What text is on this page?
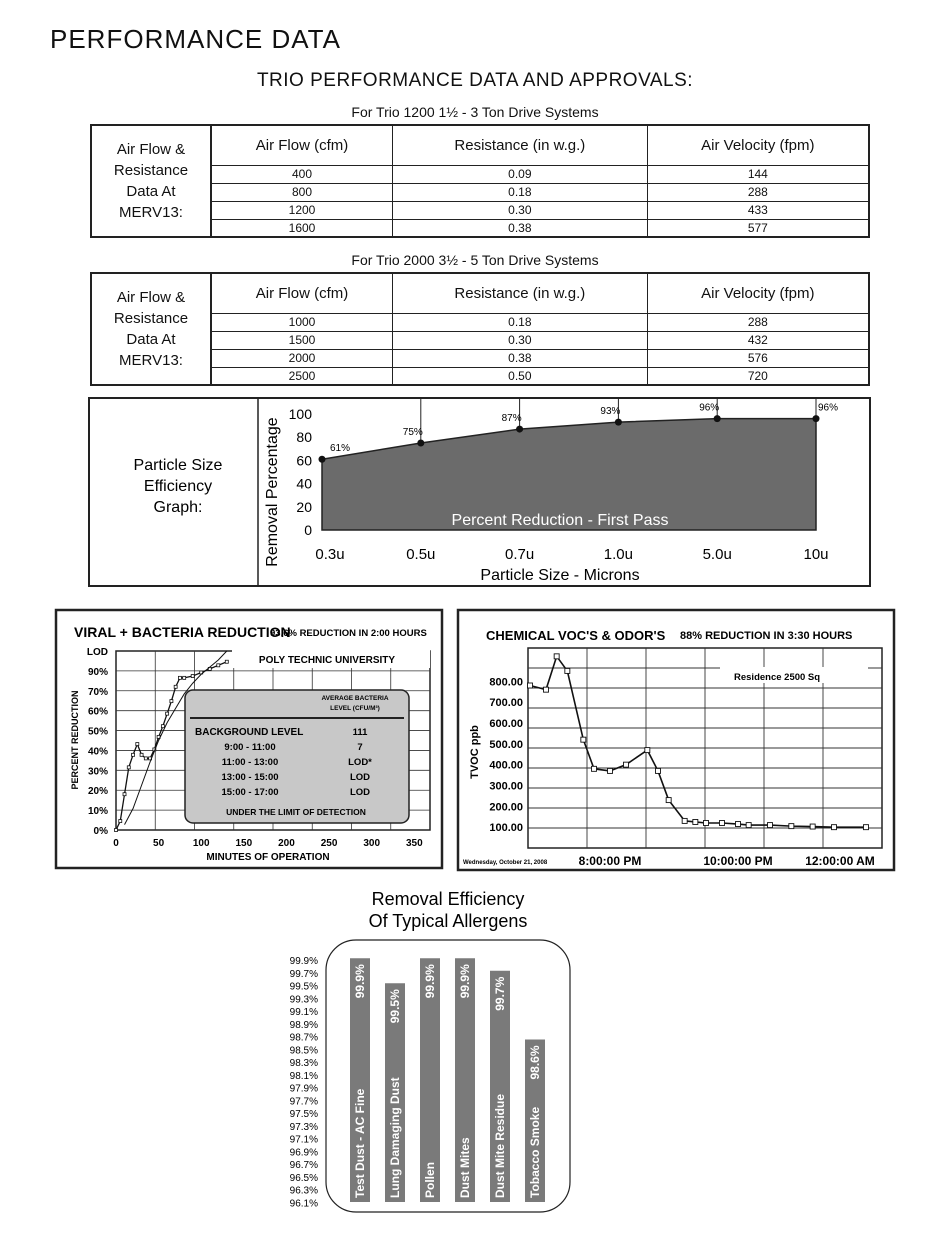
PERFORMANCE DATA
TRIO PERFORMANCE DATA AND APPROVALS:
For Trio 1200 1½ - 3 Ton Drive Systems
Air Flow &
Resistance
Data At
MERV13:	Air Flow (cfm)	Resistance (in w.g.)	Air Velocity (fpm)
	400	0.09	144
	800	0.18	288
	1200	0.30	433
	1600	0.38	577
For Trio 2000 3½ - 5 Ton Drive Systems
Air Flow &
Resistance
Data At
MERV13:	Air Flow (cfm)	Resistance (in w.g.)	Air Velocity (fpm)
	1000	0.18	288
	1500	0.30	432
	2000	0.38	576
	2500	0.50	720
Particle Size
Efficiency
Graph:	Removal Percentage
100
80
60
40
20
0
61%
75%
87%
93%	96%	96%
Percent Reduction - First Pass
0.3u	0.5u	0.7u	1.0u	5.0u	10u
Particle Size - Microns
VIRAL + BACTERIA REDUCTION
93.6% REDUCTION IN 2:00 HOURS
LOD
90%
70%
60%
50%
40%
30%
20%
10%
0%
0	50	100	150	200	250	300	350
MINUTES OF OPERATION
PERCENT REDUCTION
POLY TECHNIC UNIVERSITY
AVERAGE BACTERIA
LEVEL (CFU/M³)
BACKGROUND LEVEL	111
9:00 - 11:00	7
11:00 - 13:00	LOD*
13:00 - 15:00	LOD
15:00 - 17:00	LOD
UNDER THE LIMIT OF DETECTION
CHEMICAL VOC'S & ODOR'S 88% REDUCTION IN 3:30 HOURS
800.00
700.00
600.00
500.00
400.00
300.00
200.00
100.00
TVOC ppb
Residence 2500 Sq
Wednesday, October 21, 2008	8:00:00 PM	10:00:00 PM	12:00:00 AM
Removal Efficiency
Of Typical Allergens
99.9%
99.7%
99.5%
99.3%
99.1%
98.9%
98.7%
98.5%
98.3%
98.1%
97.9%
97.7%
97.5%
97.3%
97.1%
96.9%
96.7%
96.5%
96.3%
96.1%
99.9%
Test Dust - AC Fine
99.5%
Lung Damaging Dust
99.9%
Pollen
99.9%
Dust Mites
99.7%
Dust Mite Residue
98.6%
Tobacco Smoke
